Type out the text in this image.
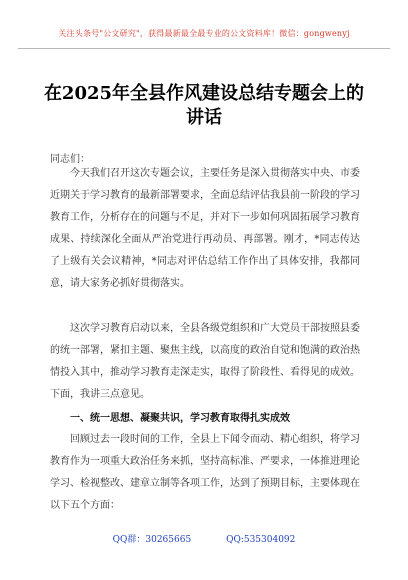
关注头条号"公文研究"，获得最新最全最专业的公文资料库！微信：gongwenyj
在2025年全县作风建设总结专题会上的讲话
同志们：

今天我们召开这次专题会议，主要任务是深入贯彻落实中央、市委近期关于学习教育的最新部署要求，全面总结评估我县前一阶段的学习教育工作，分析存在的问题与不足，并对下一步如何巩固拓展学习教育成果、持续深化全面从严治党进行再动员、再部署。刚才，*同志传达了上级有关会议精神，*同志对评估总结工作作出了具体安排，我都同意，请大家务必抓好贯彻落实。

这次学习教育启动以来，全县各级党组织和广大党员干部按照县委的统一部署，紧扣主题、聚焦主线，以高度的政治自觉和饱满的政治热情投入其中，推动学习教育走深走实，取得了阶段性、看得见的成效。下面，我讲三点意见。

一、统一思想、凝聚共识，学习教育取得扎实成效

回顾过去一段时间的工作，全县上下闻令而动、精心组织，将学习教育作为一项重大政治任务来抓，坚持高标准、严要求，一体推进理论学习、检视整改、建章立制等各项工作，达到了预期目标，主要体现在以下五个方面：

QQ群：30265665	QQ:535304092
